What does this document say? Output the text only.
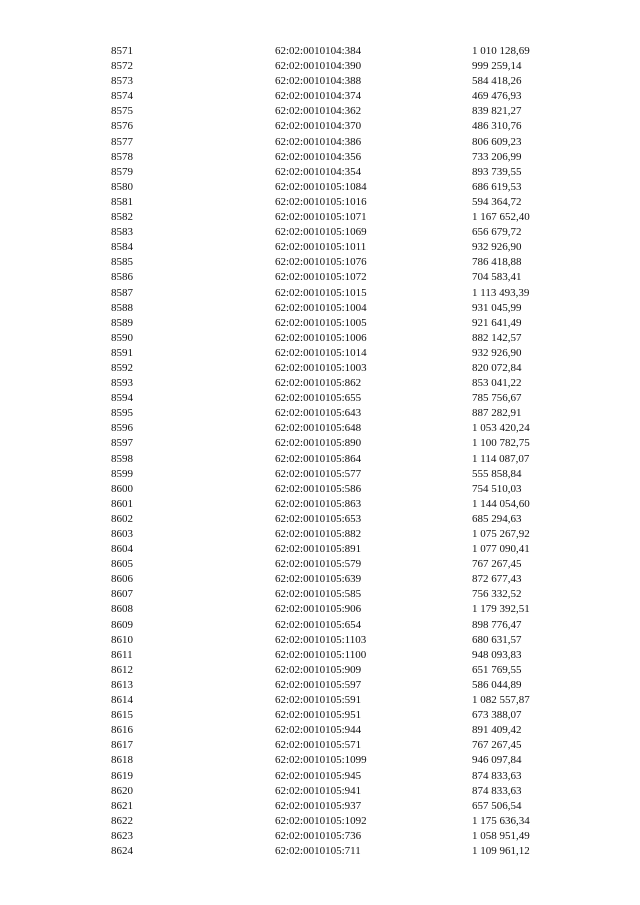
8571	62:02:0010104:384	1 010 128,69
8572	62:02:0010104:390	999 259,14
8573	62:02:0010104:388	584 418,26
8574	62:02:0010104:374	469 476,93
8575	62:02:0010104:362	839 821,27
8576	62:02:0010104:370	486 310,76
8577	62:02:0010104:386	806 609,23
8578	62:02:0010104:356	733 206,99
8579	62:02:0010104:354	893 739,55
8580	62:02:0010105:1084	686 619,53
8581	62:02:0010105:1016	594 364,72
8582	62:02:0010105:1071	1 167 652,40
8583	62:02:0010105:1069	656 679,72
8584	62:02:0010105:1011	932 926,90
8585	62:02:0010105:1076	786 418,88
8586	62:02:0010105:1072	704 583,41
8587	62:02:0010105:1015	1 113 493,39
8588	62:02:0010105:1004	931 045,99
8589	62:02:0010105:1005	921 641,49
8590	62:02:0010105:1006	882 142,57
8591	62:02:0010105:1014	932 926,90
8592	62:02:0010105:1003	820 072,84
8593	62:02:0010105:862	853 041,22
8594	62:02:0010105:655	785 756,67
8595	62:02:0010105:643	887 282,91
8596	62:02:0010105:648	1 053 420,24
8597	62:02:0010105:890	1 100 782,75
8598	62:02:0010105:864	1 114 087,07
8599	62:02:0010105:577	555 858,84
8600	62:02:0010105:586	754 510,03
8601	62:02:0010105:863	1 144 054,60
8602	62:02:0010105:653	685 294,63
8603	62:02:0010105:882	1 075 267,92
8604	62:02:0010105:891	1 077 090,41
8605	62:02:0010105:579	767 267,45
8606	62:02:0010105:639	872 677,43
8607	62:02:0010105:585	756 332,52
8608	62:02:0010105:906	1 179 392,51
8609	62:02:0010105:654	898 776,47
8610	62:02:0010105:1103	680 631,57
8611	62:02:0010105:1100	948 093,83
8612	62:02:0010105:909	651 769,55
8613	62:02:0010105:597	586 044,89
8614	62:02:0010105:591	1 082 557,87
8615	62:02:0010105:951	673 388,07
8616	62:02:0010105:944	891 409,42
8617	62:02:0010105:571	767 267,45
8618	62:02:0010105:1099	946 097,84
8619	62:02:0010105:945	874 833,63
8620	62:02:0010105:941	874 833,63
8621	62:02:0010105:937	657 506,54
8622	62:02:0010105:1092	1 175 636,34
8623	62:02:0010105:736	1 058 951,49
8624	62:02:0010105:711	1 109 961,12
